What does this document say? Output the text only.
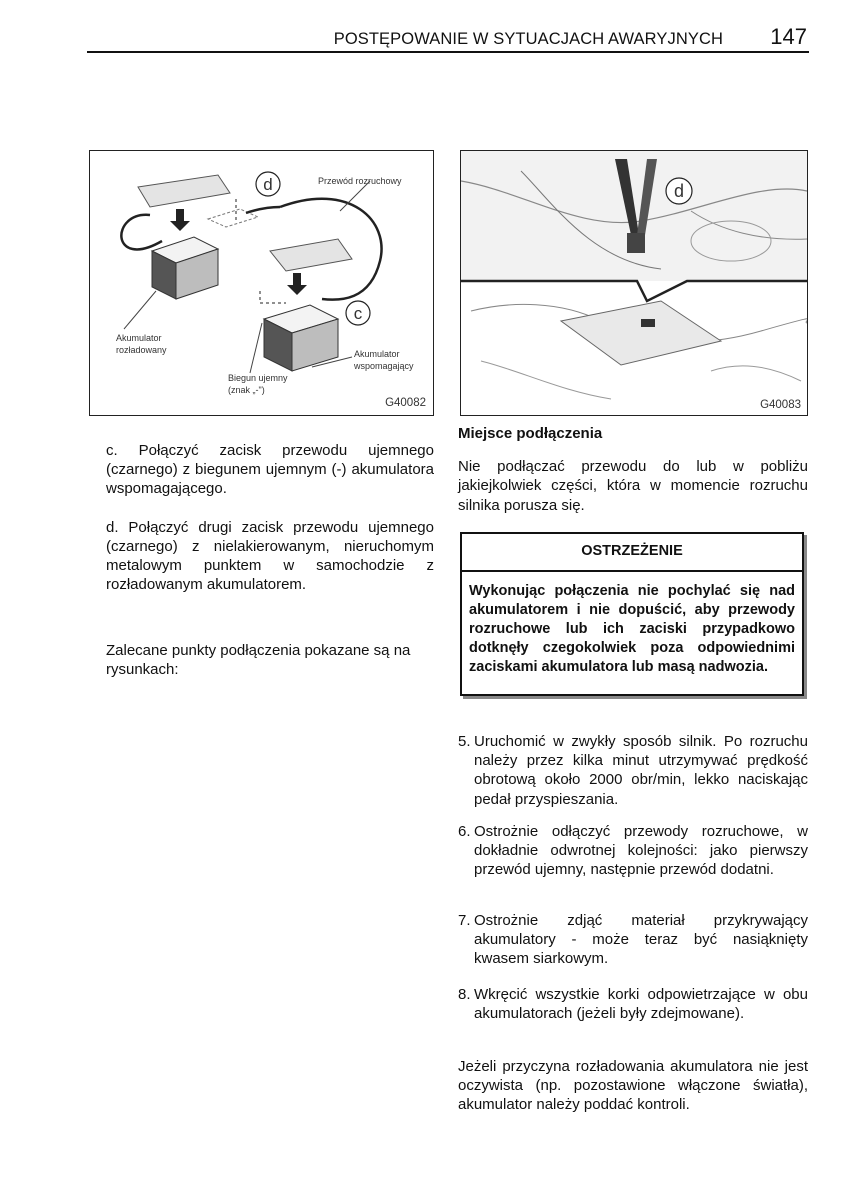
POSTĘPOWANIE W SYTUACJACH AWARYJNYCH 147
d
c
Przewód rozruchowy
Akumulator
rozładowany	Akumulator
wspomagający
Biegun ujemny
(znak „-")
G40082
d
G40083

c. Połączyć zacisk przewodu ujemnego (czarnego) z biegunem ujemnym (-) akumulatora wspomagającego.

d. Połączyć drugi zacisk przewodu ujemnego (czarnego) z nielakierowanym, nieruchomym metalowym punktem w samochodzie z rozładowanym akumulatorem.

Zalecane punkty podłączenia pokazane są na rysunkach:

Miejsce podłączenia

Nie podłączać przewodu do lub w pobliżu jakiejkolwiek części, która w momencie rozruchu silnika porusza się.

OSTRZEŻENIE
Wykonując połączenia nie pochylać się nad akumulatorem i nie dopuścić, aby przewody rozruchowe lub ich zaciski przypadkowo dotknęły czegokolwiek poza odpowiednimi zaciskami akumulatora lub masą nadwozia.
5. Uruchomić w zwykły sposób silnik. Po rozruchu należy przez kilka minut utrzymywać prędkość obrotową około 2000 obr/min, lekko naciskając pedał przyspieszania.
6. Ostrożnie odłączyć przewody rozruchowe, w dokładnie odwrotnej kolejności: jako pierwszy przewód ujemny, następnie przewód dodatni.
7. Ostrożnie zdjąć materiał przykrywający akumulatory - może teraz być nasiąknięty kwasem siarkowym.
8. Wkręcić wszystkie korki odpowietrzające w obu akumulatorach (jeżeli były zdejmowane).

Jeżeli przyczyna rozładowania akumulatora nie jest oczywista (np. pozostawione włączone światła), akumulator należy poddać kontroli.
